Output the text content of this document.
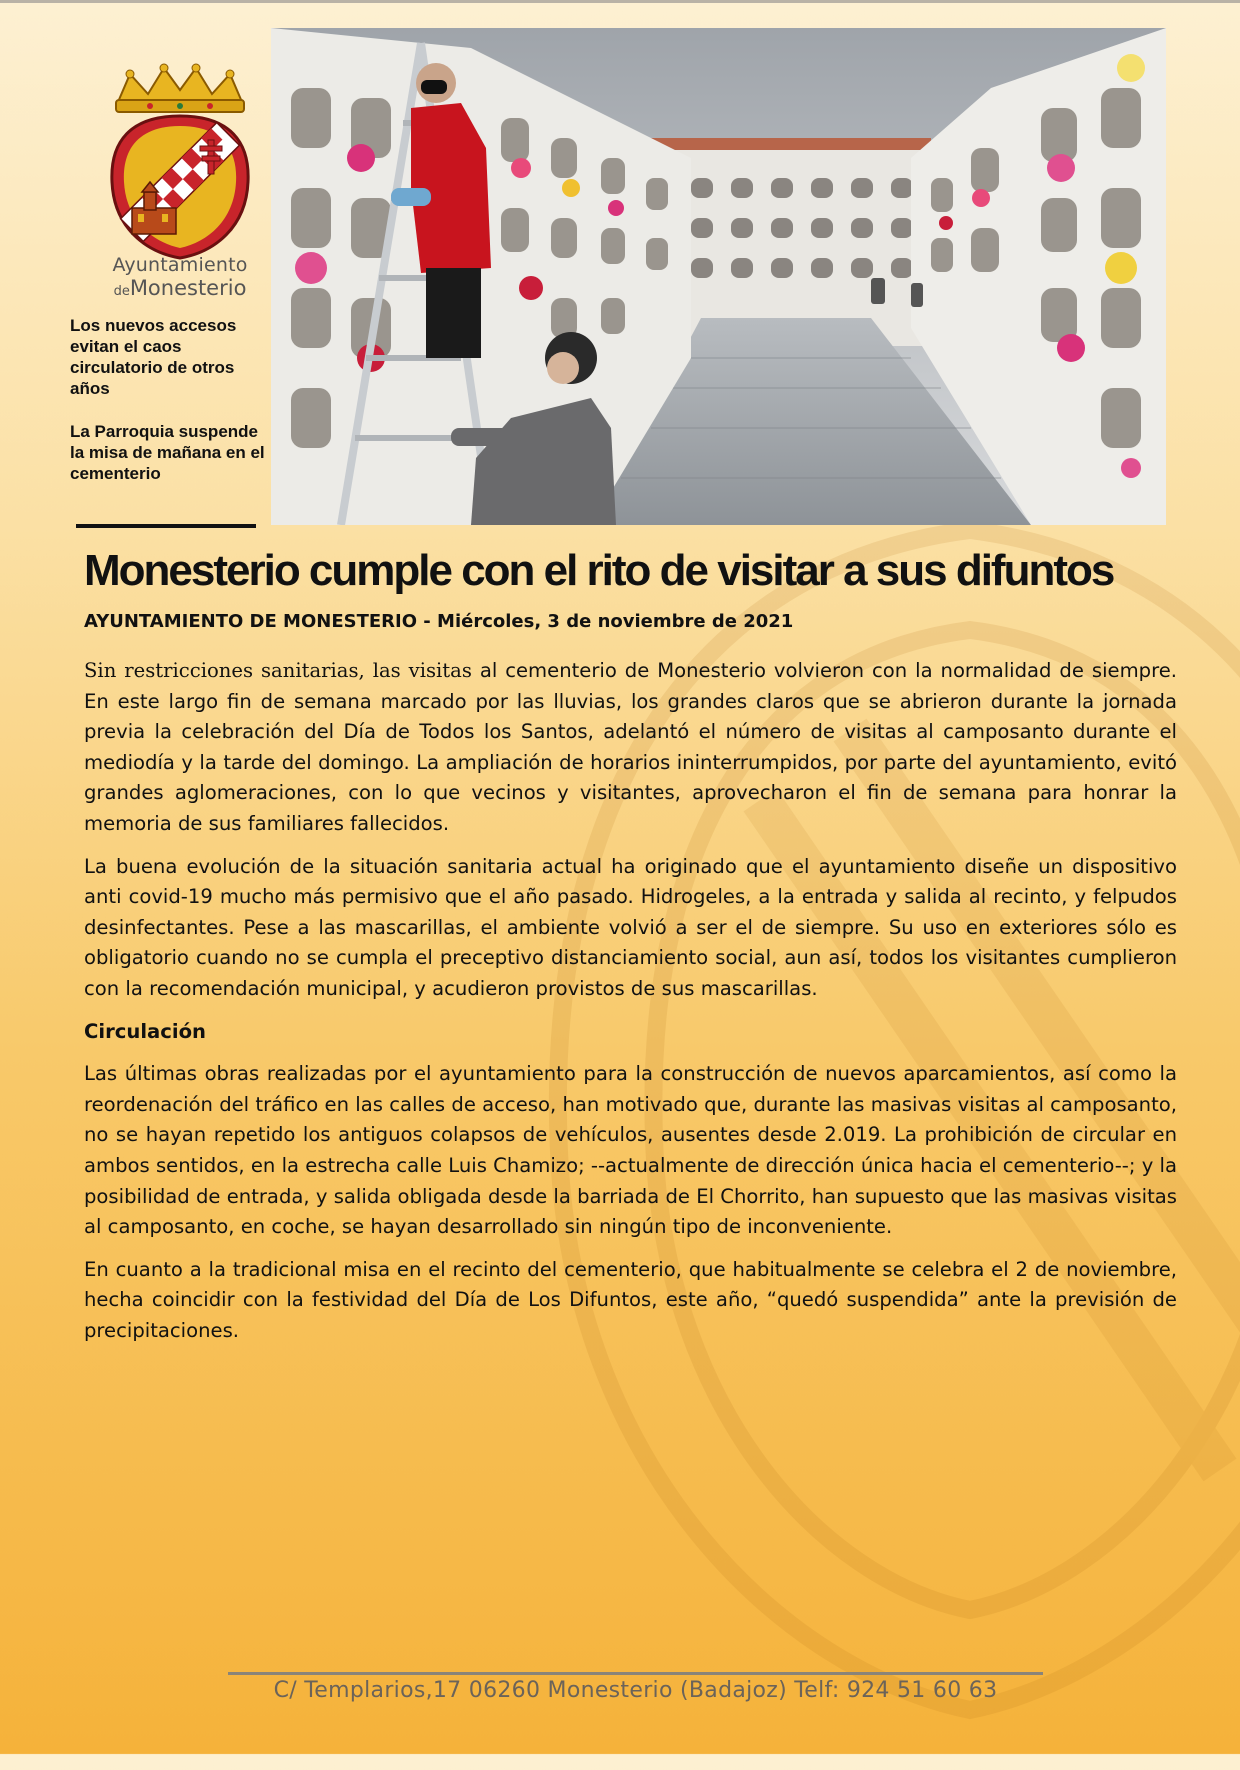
Ayuntamiento
deMonesterio
Los nuevos accesos evitan el caos circulatorio de otros años
La Parroquia suspende la misa de mañana en el cementerio
Monesterio cumple con el rito de visitar a sus difuntos
AYUNTAMIENTO DE MONESTERIO - Miércoles, 3 de noviembre de 2021

Sin restricciones sanitarias, las visitas al cementerio de Monesterio volvieron con la normalidad de siempre. En este largo fin de semana marcado por las lluvias, los grandes claros que se abrieron durante la jornada previa la celebración del Día de Todos los Santos, adelantó el número de visitas al camposanto durante el mediodía y la tarde del domingo. La ampliación de horarios ininterrumpidos, por parte del ayuntamiento, evitó grandes aglomeraciones, con lo que vecinos y visitantes, aprovecharon el fin de semana para honrar la memoria de sus familiares fallecidos.

La buena evolución de la situación sanitaria actual ha originado que el ayuntamiento diseñe un dispositivo anti covid-19 mucho más permisivo que el año pasado. Hidrogeles, a la entrada y salida al recinto, y felpudos desinfectantes. Pese a las mascarillas, el ambiente volvió a ser el de siempre. Su uso en exteriores sólo es obligatorio cuando no se cumpla el preceptivo distanciamiento social, aun así, todos los visitantes cumplieron con la recomendación municipal, y acudieron provistos de sus mascarillas.

Circulación

Las últimas obras realizadas por el ayuntamiento para la construcción de nuevos aparcamientos, así como la reordenación del tráfico en las calles de acceso, han motivado que, durante las masivas visitas al camposanto, no se hayan repetido los antiguos colapsos de vehículos, ausentes desde 2.019. La prohibición de circular en ambos sentidos, en la estrecha calle Luis Chamizo; --actualmente de dirección única hacia el cementerio--; y la posibilidad de entrada, y salida obligada desde la barriada de El Chorrito, han supuesto que las masivas visitas al camposanto, en coche, se hayan desarrollado sin ningún tipo de inconveniente.

En cuanto a la tradicional misa en el recinto del cementerio, que habitualmente se celebra el 2 de noviembre, hecha coincidir con la festividad del Día de Los Difuntos, este año, “quedó suspendida” ante la previsión de precipitaciones.

C/ Templarios,17 06260 Monesterio (Badajoz) Telf: 924 51 60 63
